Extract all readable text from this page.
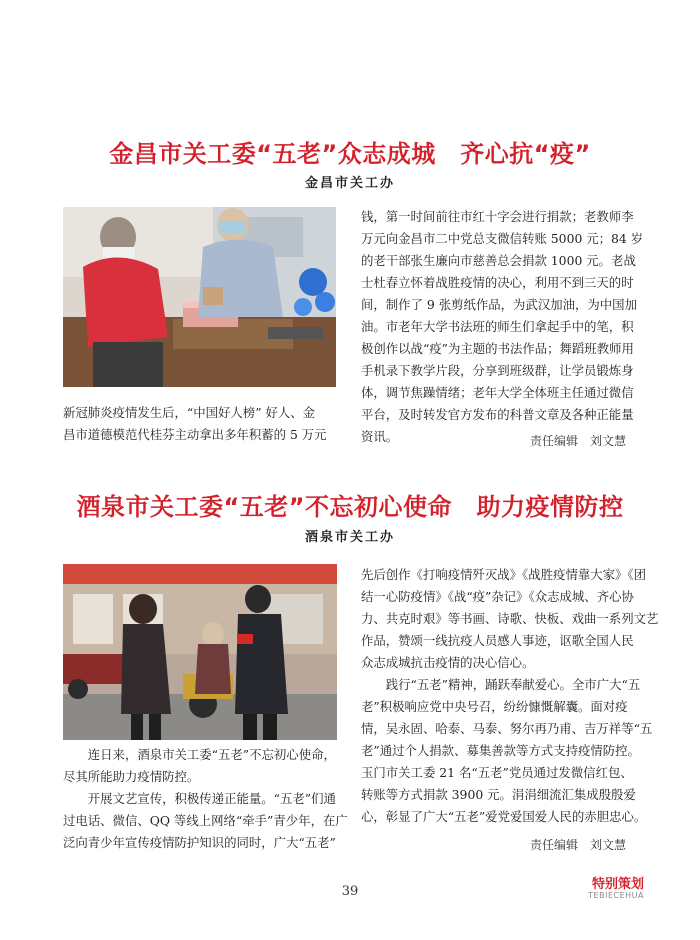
金昌市关工委“五老”众志成城　齐心抗“疫”
金昌市关工办

新冠肺炎疫情发生后，“中国好人榜” 好人、金
昌市道德模范代桂芬主动拿出多年积蓄的 5 万元

钱，第一时间前往市红十字会进行捐款；老教师李
万元向金昌市二中党总支微信转账 5000 元；84 岁
的老干部张生廉向市慈善总会捐款 1000 元。老战
士杜春立怀着战胜疫情的决心，利用不到三天的时
间，制作了 9 张剪纸作品，为武汉加油，为中国加
油。市老年大学书法班的师生们拿起手中的笔，积
极创作以战“疫”为主题的书法作品；舞蹈班教师用
手机录下教学片段，分享到班级群，让学员锻炼身
体，调节焦躁情绪；老年大学全体班主任通过微信
平台，及时转发官方发布的科普文章及各种正能量
资讯。	责任编辑　刘文慧
酒泉市关工委“五老”不忘初心使命　助力疫情防控
酒泉市关工办

　　连日来，酒泉市关工委“五老”不忘初心使命，
尽其所能助力疫情防控。
　　开展文艺宣传，积极传递正能量。“五老”们通
过电话、微信、QQ 等线上网络“牵手”青少年，在广
泛向青少年宣传疫情防护知识的同时，广大“五老”

先后创作《打响疫情歼灭战》《战胜疫情靠大家》《团
结一心防疫情》《战“疫”杂记》《众志成城、齐心协
力、共克时艰》等书画、诗歌、快板、戏曲一系列文艺
作品，赞颂一线抗疫人员感人事迹，讴歌全国人民
众志成城抗击疫情的决心信心。
　　践行“五老”精神，踊跃奉献爱心。全市广大“五
老”积极响应党中央号召，纷纷慷慨解囊。面对疫
情，吴永固、哈泰、马泰、努尔再乃甫、吉万祥等“五
老”通过个人捐款、募集善款等方式支持疫情防控。
玉门市关工委 21 名“五老”党员通过发微信红包、
转账等方式捐款 3900 元。涓涓细流汇集成殷殷爱
心，彰显了广大“五老”爱党爱国爱人民的赤胆忠心。

责任编辑　刘文慧
39	特别策划
TEBIECEHUA
